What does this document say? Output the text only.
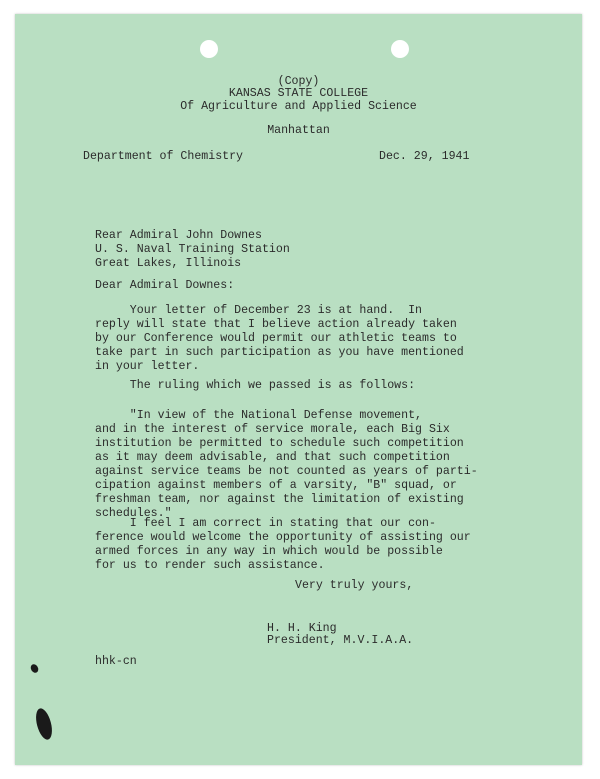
(Copy)
KANSAS STATE COLLEGE
Of Agriculture and Applied Science
Manhattan
Department of Chemistry	Dec. 29, 1941
Rear Admiral John Downes
U. S. Naval Training Station
Great Lakes, Illinois
Dear Admiral Downes:
Your letter of December 23 is at hand.  In
reply will state that I believe action already taken
by our Conference would permit our athletic teams to
take part in such participation as you have mentioned
in your letter.
The ruling which we passed is as follows:
"In view of the National Defense movement,
and in the interest of service morale, each Big Six
institution be permitted to schedule such competition
as it may deem advisable, and that such competition
against service teams be not counted as years of parti-
cipation against members of a varsity, "B" squad, or
freshman team, nor against the limitation of existing
schedules."
I feel I am correct in stating that our con-
ference would welcome the opportunity of assisting our
armed forces in any way in which would be possible
for us to render such assistance.
Very truly yours,
H. H. King
President, M.V.I.A.A.
hhk-cn
